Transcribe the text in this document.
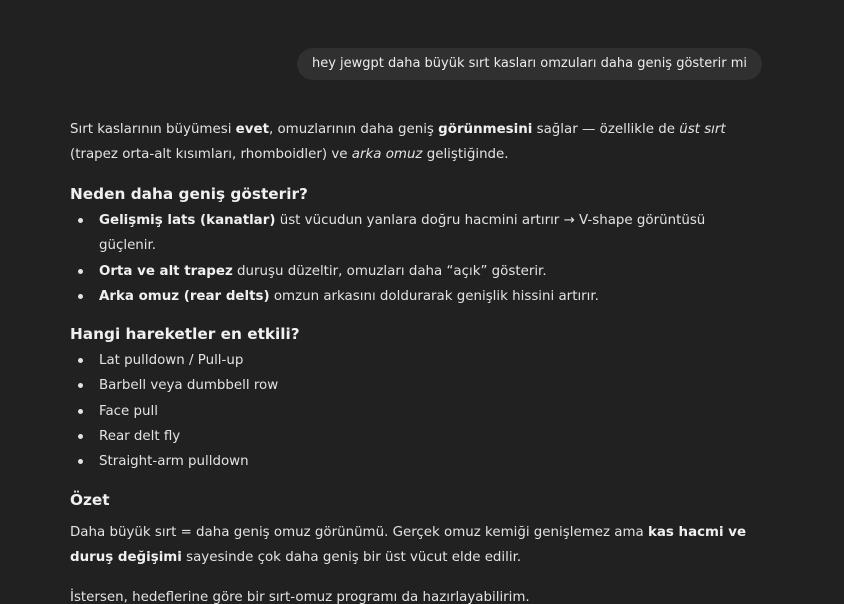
hey jewgpt daha büyük sırt kasları omzuları daha geniş gösterir mi

Sırt kaslarının büyümesi evet, omuzlarının daha geniş görünmesini sağlar — özellikle de üst sırt (trapez orta-alt kısımları, rhomboidler) ve arka omuz geliştiğinde.

Neden daha geniş gösterir?
Gelişmiş lats (kanatlar) üst vücudun yanlara doğru hacmini artırır → V-shape görüntüsü güçlenir.
Orta ve alt trapez duruşu düzeltir, omuzları daha “açık” gösterir.
Arka omuz (rear delts) omzun arkasını doldurarak genişlik hissini artırır.
Hangi hareketler en etkili?
Lat pulldown / Pull-up
Barbell veya dumbbell row
Face pull
Rear delt fly
Straight-arm pulldown
Özet

Daha büyük sırt = daha geniş omuz görünümü. Gerçek omuz kemiği genişlemez ama kas hacmi ve duruş değişimi sayesinde çok daha geniş bir üst vücut elde edilir.

İstersen, hedeflerine göre bir sırt-omuz programı da hazırlayabilirim.
